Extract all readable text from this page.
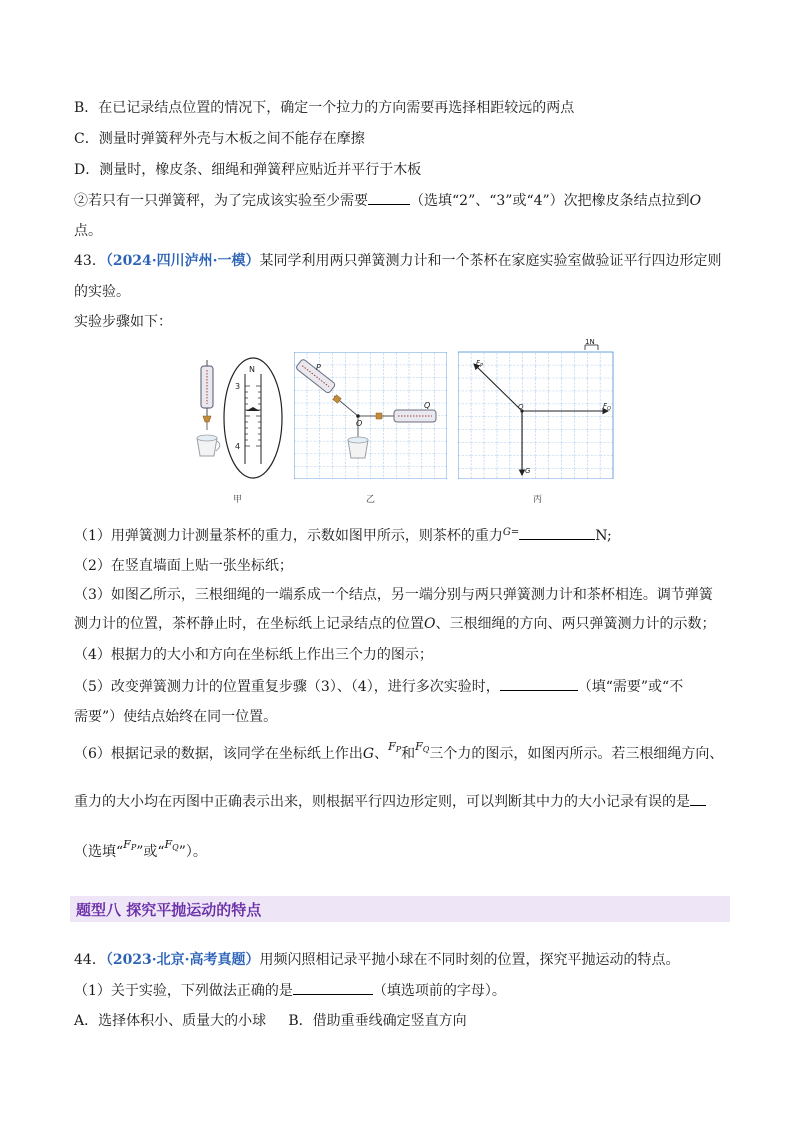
B．在已记录结点位置的情况下，确定一个拉力的方向需要再选择相距较远的两点
C．测量时弹簧秤外壳与木板之间不能存在摩擦
D．测量时，橡皮条、细绳和弹簧秤应贴近并平行于木板
②若只有一只弹簧秤，为了完成该实验至少需要	（选填“2”、“3”或“4”）次把橡皮条结点拉到O
点。
43．（2024·四川泸州·一模）某同学利用两只弹簧测力计和一个茶杯在家庭实验室做验证平行四边形定则
的实验。
实验步骤如下：
3
4
N
甲
P
O
Q
乙
1N
$F_P$
$F_Q$
O
G
丙
（1）用弹簧测力计测量茶杯的重力，示数如图甲所示，则茶杯的重力$^{G=}$	N;
（2）在竖直墙面上贴一张坐标纸；
（3）如图乙所示，三根细绳的一端系成一个结点，另一端分别与两只弹簧测力计和茶杯相连。调节弹簧
测力计的位置，茶杯静止时，在坐标纸上记录结点的位置O、三根细绳的方向、两只弹簧测力计的示数；
（4）根据力的大小和方向在坐标纸上作出三个力的图示；
（5）改变弹簧测力计的位置重复步骤（3）、（4），进行多次实验时，	（填“需要”或“不
需要”）使结点始终在同一位置。
（6）根据记录的数据，该同学在坐标纸上作出G、$^{F_P}$和$^{F_Q}$三个力的图示，如图丙所示。若三根细绳方向、
重力的大小均在丙图中正确表示出来，则根据平行四边形定则，可以判断其中力的大小记录有误的是
（选填“$^{F_P}$”或“$^{F_Q}$”）。
题型八 探究平抛运动的特点
44．（2023·北京·高考真题）用频闪照相记录平抛小球在不同时刻的位置，探究平抛运动的特点。
（1）关于实验，下列做法正确的是	（填选项前的字母）。
A．选择体积小、质量大的小球     B．借助重垂线确定竖直方向
